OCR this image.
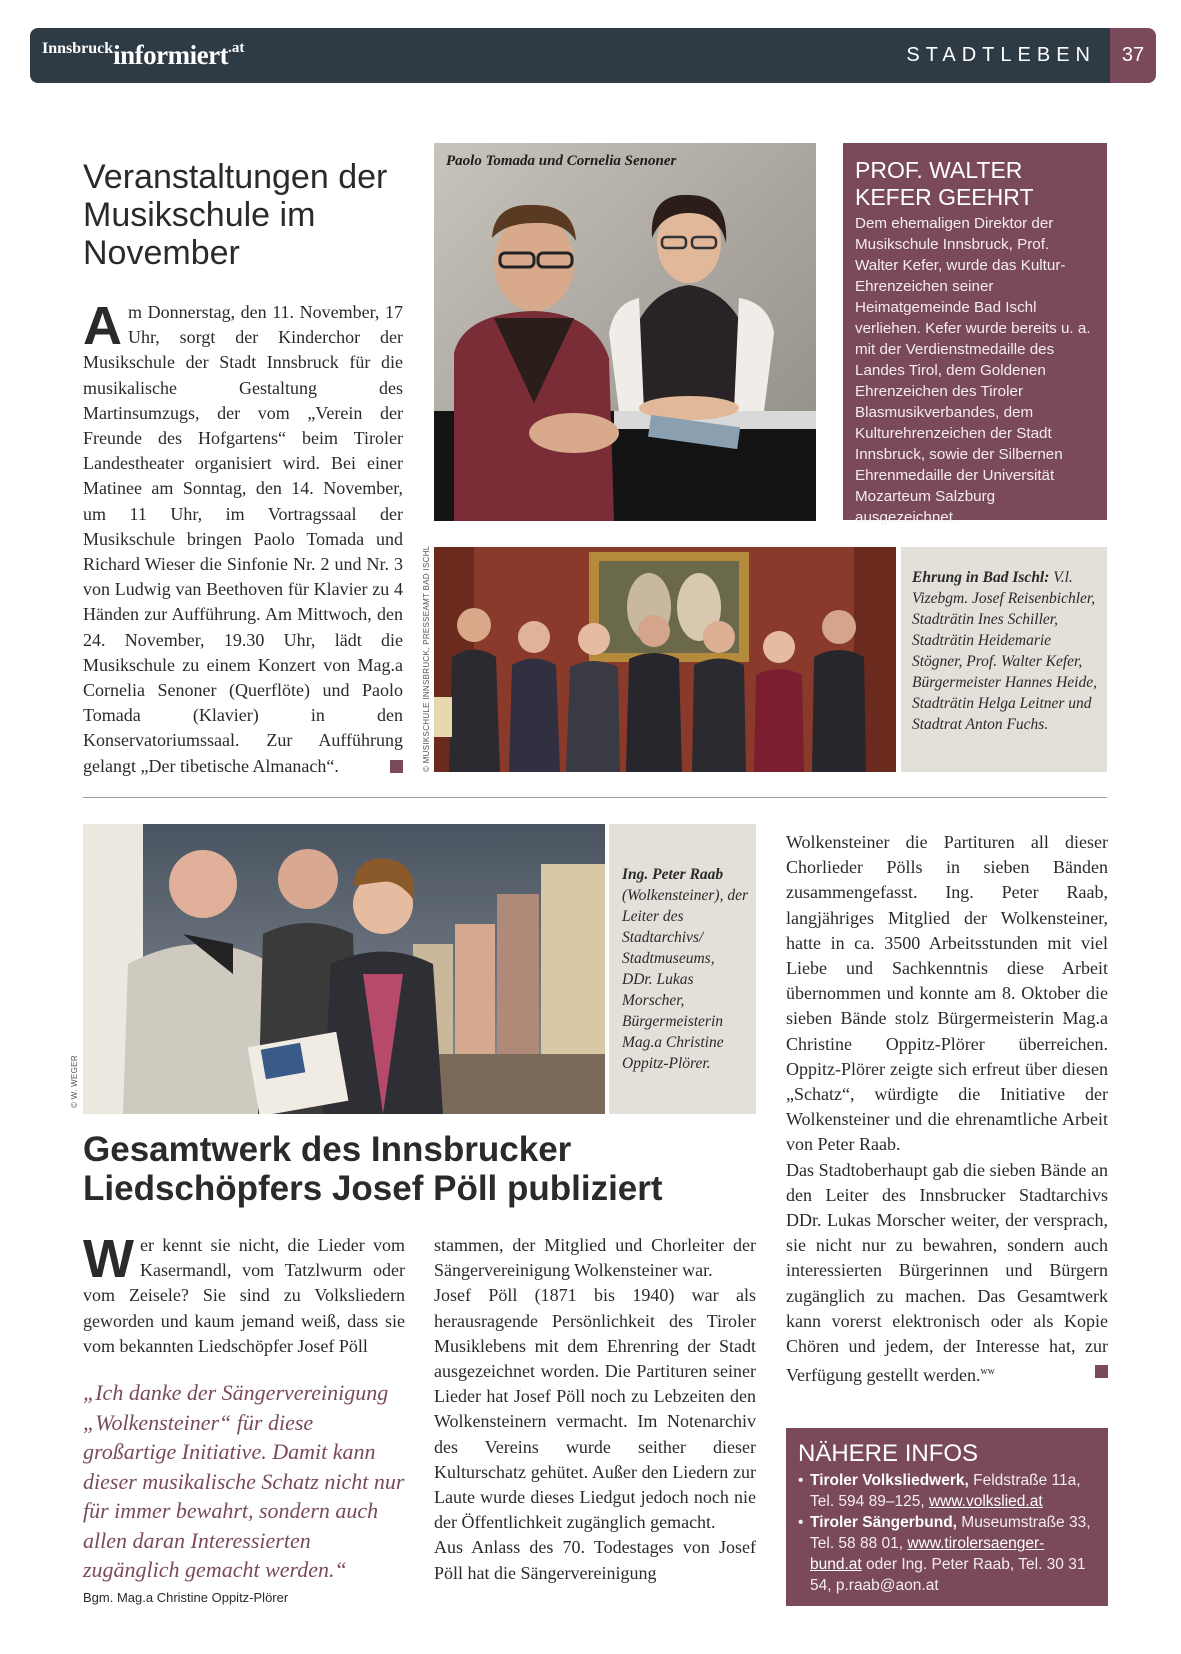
Innsbruckinformiert.at	STADTLEBEN	37
Veranstaltungen der Musikschule im November
Am Donnerstag, den 11. November, 17 Uhr, sorgt der Kinderchor der Musikschule der Stadt Innsbruck für die musikalische Gestaltung des Martinsumzugs, der vom „Verein der Freunde des Hofgartens“ beim Tiroler Landestheater organisiert wird. Bei einer Matinee am Sonntag, den 14. November, um 11 Uhr, im Vortragssaal der Musikschule bringen Paolo Tomada und Richard Wieser die Sinfonie Nr. 2 und Nr. 3 von Ludwig van Beethoven für Klavier zu 4 Händen zur Aufführung. Am Mittwoch, den 24. November, 19.30 Uhr, lädt die Musikschule zu einem Konzert von Mag.a Cornelia Senoner (Querflöte) und Paolo Tomada (Klavier) in den Konservatoriumssaal. Zur Aufführung gelangt „Der tibetische Almanach“.
Paolo Tomada und Cornelia Senoner	PROF. WALTER
KEFER GEEHRT
Dem ehemaligen Direktor der Musikschule Innsbruck, Prof. Walter Kefer, wurde das Kultur-Ehrenzeichen seiner Heimatgemeinde Bad Ischl verliehen. Kefer wurde bereits u. a. mit der Verdienstmedaille des Landes Tirol, dem Goldenen Ehrenzeichen des Tiroler Blasmusikverbandes, dem Kulturehrenzeichen der Stadt Innsbruck, sowie der Silbernen Ehrenmedaille der Universität Mozarteum Salzburg ausgezeichnet.
© MUSIKSCHULE INNSBRUCK, PRESSEAMT BAD ISCHL	Ehrung in Bad Ischl: V.l. Vizebgm. Josef Reisenbichler, Stadträtin Ines Schiller, Stadträtin Heidemarie Stögner, Prof. Walter Kefer, Bürgermeister Hannes Heide, Stadträtin Helga Leitner und Stadtrat Anton Fuchs.
© W. WEGER
Ing. Peter Raab (Wolkensteiner), der Leiter des Stadtarchivs/ Stadtmuseums, DDr. Lukas Morscher, Bürgermeisterin Mag.a Christine Oppitz-Plörer.
Gesamtwerk des Innsbrucker Liedschöpfers Josef Pöll publiziert
Wer kennt sie nicht, die Lieder vom Kasermandl, vom Tatzlwurm oder vom Zeisele? Sie sind zu Volksliedern geworden und kaum jemand weiß, dass sie vom bekannten Liedschöpfer Josef Pöll
„Ich danke der Sängervereinigung „Wolkensteiner“ für diese großartige Initiative. Damit kann dieser musikalische Schatz nicht nur für immer bewahrt, sondern auch allen daran Interessierten zugänglich gemacht werden.“
Bgm. Mag.a Christine Oppitz-Plörer

stammen, der Mitglied und Chorleiter der Sängervereinigung Wolkensteiner war.

Josef Pöll (1871 bis 1940) war als herausragende Persönlichkeit des Tiroler Musiklebens mit dem Ehrenring der Stadt ausgezeichnet worden. Die Partituren seiner Lieder hat Josef Pöll noch zu Lebzeiten den Wolkensteinern vermacht. Im Notenarchiv des Vereins wurde seither dieser Kulturschatz gehütet. Außer den Liedern zur Laute wurde dieses Liedgut jedoch noch nie der Öffentlichkeit zugänglich gemacht.

Aus Anlass des 70. Todestages von Josef Pöll hat die Sängervereinigung

Wolkensteiner die Partituren all dieser Chorlieder Pölls in sieben Bänden zusammengefasst. Ing. Peter Raab, langjähriges Mitglied der Wolkensteiner, hatte in ca. 3500 Arbeitsstunden mit viel Liebe und Sachkenntnis diese Arbeit übernommen und konnte am 8. Oktober die sieben Bände stolz Bürgermeisterin Mag.a Christine Oppitz-Plörer überreichen. Oppitz-Plörer zeigte sich erfreut über diesen „Schatz“, würdigte die Initiative der Wolkensteiner und die ehrenamtliche Arbeit von Peter Raab.

Das Stadtoberhaupt gab die sieben Bände an den Leiter des Innsbrucker Stadtarchivs DDr. Lukas Morscher weiter, der versprach, sie nicht nur zu bewahren, sondern auch interessierten Bürgerinnen und Bürgern zugänglich zu machen. Das Gesamtwerk kann vorerst elektronisch oder als Kopie Chören und jedem, der Interesse hat, zur Verfügung gestellt werden.$^{ww}$

NÄHERE INFOS
• Tiroler Volksliedwerk, Feldstraße 11a, Tel. 594 89–125, www.volkslied.at
• Tiroler Sängerbund, Museumstraße 33, Tel. 58 88 01, www.tirolersaenger-bund.at oder Ing. Peter Raab, Tel. 30 31 54, p.raab@aon.at
